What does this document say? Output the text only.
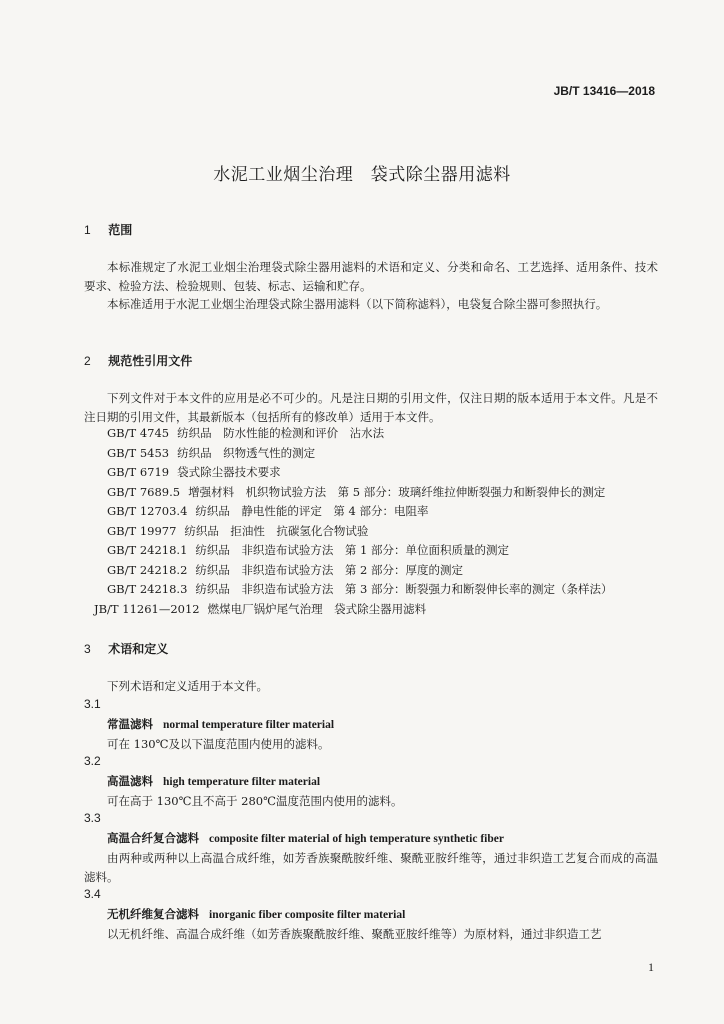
JB/T 13416—2018
水泥工业烟尘治理　袋式除尘器用滤料
1 范围
本标准规定了水泥工业烟尘治理袋式除尘器用滤料的术语和定义、分类和命名、工艺选择、适用条件、技术要求、检验方法、检验规则、包装、标志、运输和贮存。
本标准适用于水泥工业烟尘治理袋式除尘器用滤料（以下简称滤料），电袋复合除尘器可参照执行。
2 规范性引用文件
下列文件对于本文件的应用是必不可少的。凡是注日期的引用文件，仅注日期的版本适用于本文件。凡是不注日期的引用文件，其最新版本（包括所有的修改单）适用于本文件。
GB/T 4745 纺织品　防水性能的检测和评价　沾水法
GB/T 5453 纺织品　织物透气性的测定
GB/T 6719 袋式除尘器技术要求
GB/T 7689.5 增强材料　机织物试验方法　第 5 部分：玻璃纤维拉伸断裂强力和断裂伸长的测定
GB/T 12703.4 纺织品　静电性能的评定　第 4 部分：电阻率
GB/T 19977 纺织品　拒油性　抗碳氢化合物试验
GB/T 24218.1 纺织品　非织造布试验方法　第 1 部分：单位面积质量的测定
GB/T 24218.2 纺织品　非织造布试验方法　第 2 部分：厚度的测定
GB/T 24218.3 纺织品　非织造布试验方法　第 3 部分：断裂强力和断裂伸长率的测定（条样法）
JB/T 11261—2012 燃煤电厂锅炉尾气治理　袋式除尘器用滤料
3 术语和定义
下列术语和定义适用于本文件。
3.1
常温滤料 normal temperature filter material
可在 130℃及以下温度范围内使用的滤料。
3.2
高温滤料 high temperature filter material
可在高于 130℃且不高于 280℃温度范围内使用的滤料。
3.3
高温合纤复合滤料 composite filter material of high temperature synthetic fiber
由两种或两种以上高温合成纤维，如芳香族聚酰胺纤维、聚酰亚胺纤维等，通过非织造工艺复合而成的高温滤料。
3.4
无机纤维复合滤料 inorganic fiber composite filter material
以无机纤维、高温合成纤维（如芳香族聚酰胺纤维、聚酰亚胺纤维等）为原材料，通过非织造工艺
1
